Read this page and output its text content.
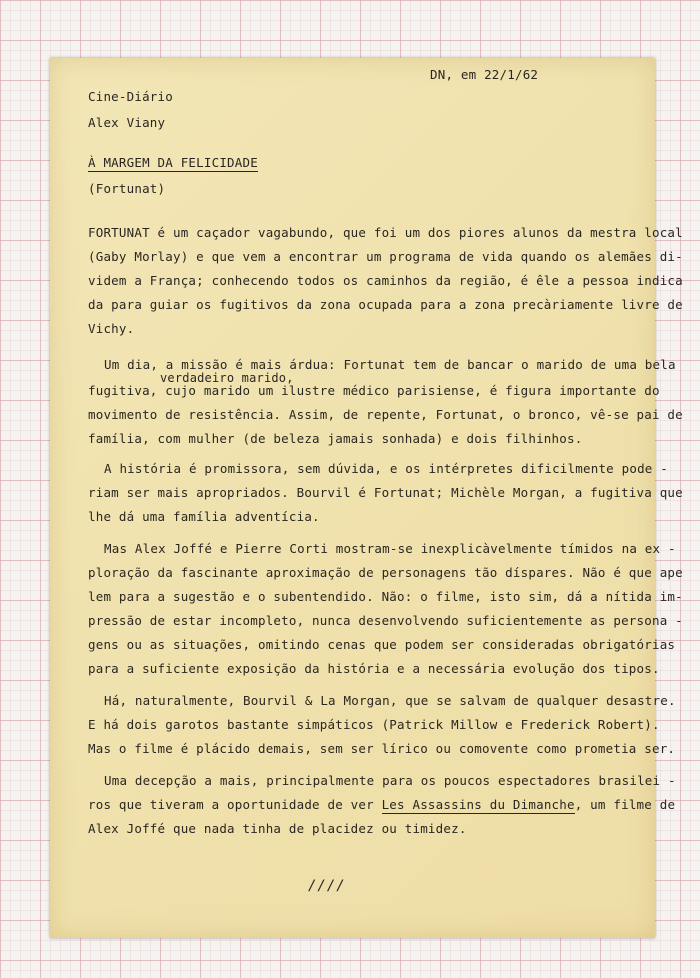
DN, em 22/1/62
Cine-Diário
Alex Viany
À MARGEM DA FELICIDADE
(Fortunat)
FORTUNAT é um caçador vagabundo, que foi um dos piores alunos da mestra local
(Gaby Morlay) e que vem a encontrar um programa de vida quando os alemães di-
videm a França; conhecendo todos os caminhos da região, é êle a pessoa indica
da para guiar os fugitivos da zona ocupada para a zona precàriamente livre de
Vichy.
Um dia, a missão é mais árdua: Fortunat tem de bancar o marido de uma bela
verdadeiro marido,
fugitiva, cujo marido um ilustre médico parisiense, é figura importante do
movimento de resistência. Assim, de repente, Fortunat, o bronco, vê-se pai de
família, com mulher (de beleza jamais sonhada) e dois filhinhos.
A história é promissora, sem dúvida, e os intérpretes dificilmente pode -
riam ser mais apropriados. Bourvil é Fortunat; Michèle Morgan, a fugitiva que
lhe dá uma família adventícia.
Mas Alex Joffé e Pierre Corti mostram-se inexplicàvelmente tímidos na ex -
ploração da fascinante aproximação de personagens tão díspares. Não é que ape
lem para a sugestão e o subentendido. Não: o filme, isto sim, dá a nítida im-
pressão de estar incompleto, nunca desenvolvendo suficientemente as persona -
gens ou as situações, omitindo cenas que podem ser consideradas obrigatórias
para a suficiente exposição da história e a necessária evolução dos tipos.
Há, naturalmente, Bourvil & La Morgan, que se salvam de qualquer desastre.
E há dois garotos bastante simpáticos (Patrick Millow e Frederick Robert).
Mas o filme é plácido demais, sem ser lírico ou comovente como prometia ser.
Uma decepção a mais, principalmente para os poucos espectadores brasilei -
ros que tiveram a oportunidade de ver Les Assassins du Dimanche, um filme de
Alex Joffé que nada tinha de placidez ou timidez.
////
